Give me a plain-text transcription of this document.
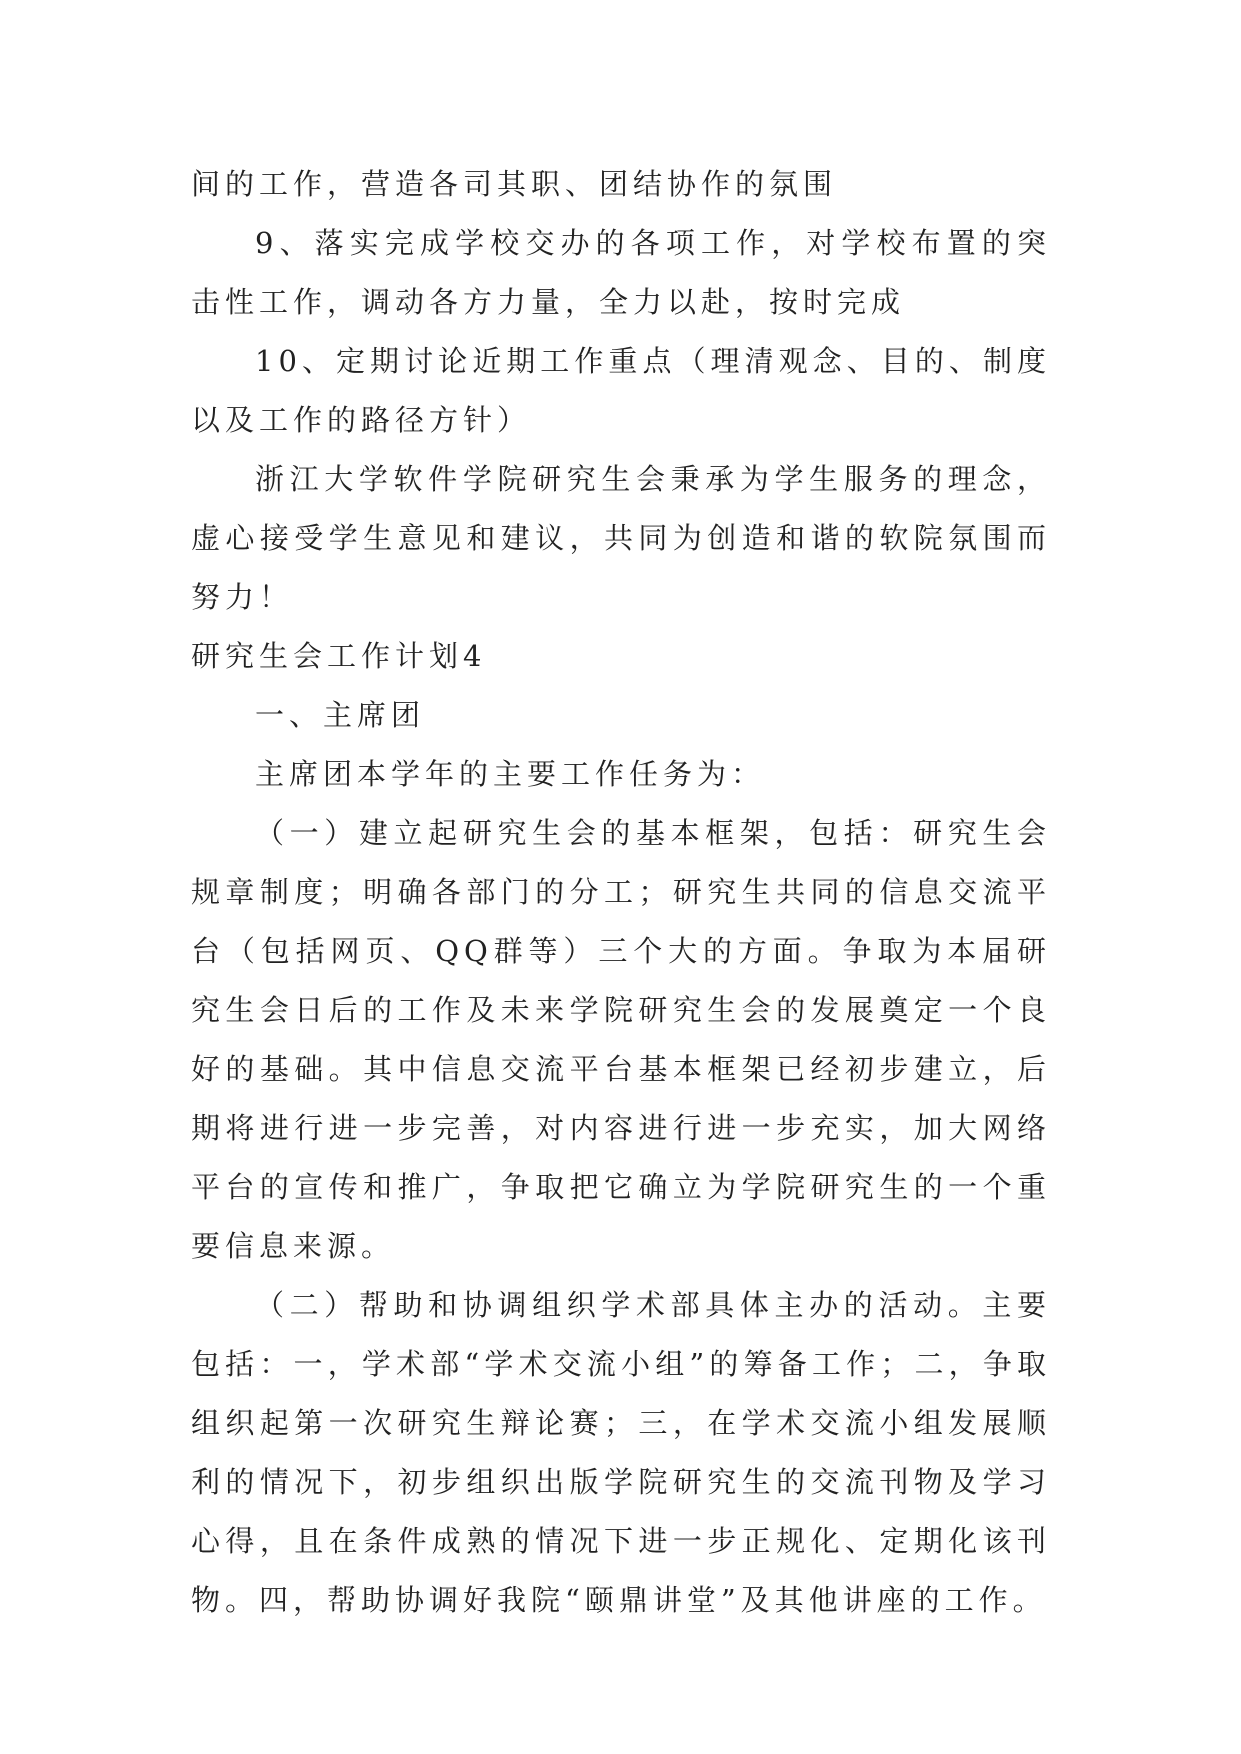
间的工作，营造各司其职、团结协作的氛围

9、落实完成学校交办的各项工作，对学校布置的突击性工作，调动各方力量，全力以赴，按时完成

10、定期讨论近期工作重点（理清观念、目的、制度以及工作的路径方针）

浙江大学软件学院研究生会秉承为学生服务的理念，虚心接受学生意见和建议，共同为创造和谐的软院氛围而努力！

研究生会工作计划4

一、主席团

主席团本学年的主要工作任务为：

（一）建立起研究生会的基本框架，包括：研究生会规章制度；明确各部门的分工；研究生共同的信息交流平台（包括网页、QQ群等）三个大的方面。争取为本届研究生会日后的工作及未来学院研究生会的发展奠定一个良好的基础。其中信息交流平台基本框架已经初步建立，后期将进行进一步完善，对内容进行进一步充实，加大网络平台的宣传和推广，争取把它确立为学院研究生的一个重要信息来源。

（二）帮助和协调组织学术部具体主办的活动。主要包括：一，学术部“学术交流小组”的筹备工作；二，争取组织起第一次研究生辩论赛；三，在学术交流小组发展顺利的情况下，初步组织出版学院研究生的交流刊物及学习心得，且在条件成熟的情况下进一步正规化、定期化该刊物。四，帮助协调好我院“颐鼎讲堂”及其他讲座的工作。
